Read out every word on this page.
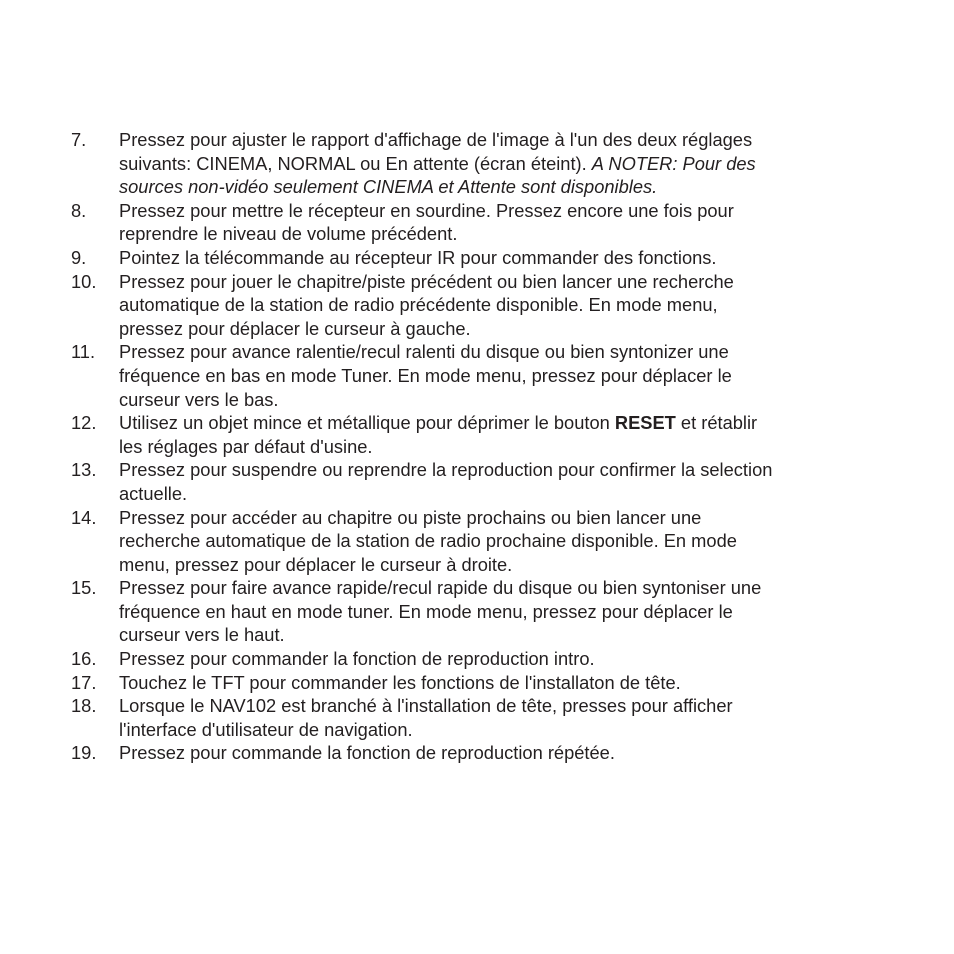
7.	Pressez pour ajuster le rapport d'affichage de l'image à l'un des deux réglages
suivants: CINEMA, NORMAL ou En attente (écran éteint). A NOTER: Pour des
sources non-vidéo seulement CINEMA et Attente sont disponibles.
8.	Pressez pour mettre le récepteur en sourdine. Pressez encore une fois pour
reprendre le niveau de volume précédent.
9.	Pointez la télécommande au récepteur IR pour commander des fonctions.
10.	Pressez pour jouer le chapitre/piste précédent ou bien lancer une recherche
automatique de la station de radio précédente disponible. En mode menu,
pressez pour déplacer le curseur à gauche.
11.	Pressez pour avance ralentie/recul ralenti du disque ou bien syntonizer une
fréquence en bas en mode Tuner. En mode menu, pressez pour déplacer le
curseur vers le bas.
12.	Utilisez un objet mince et métallique pour déprimer le bouton RESET et rétablir
les réglages par défaut d'usine.
13.	Pressez pour suspendre ou reprendre la reproduction pour confirmer la selection
actuelle.
14.	Pressez pour accéder au chapitre ou piste prochains ou bien lancer une
recherche automatique de la station de radio prochaine disponible. En mode
menu, pressez pour déplacer le curseur à droite.
15.	Pressez pour faire avance rapide/recul rapide du disque ou bien syntoniser une
fréquence en haut en mode tuner. En mode menu, pressez pour déplacer le
curseur vers le haut.
16.	Pressez pour commander la fonction de reproduction intro.
17.	Touchez le TFT pour commander les fonctions de l'installaton de tête.
18.	Lorsque le NAV102 est branché à l'installation de tête, presses pour afficher
l'interface d'utilisateur de navigation.
19.	Pressez pour commande la fonction de reproduction répétée.
